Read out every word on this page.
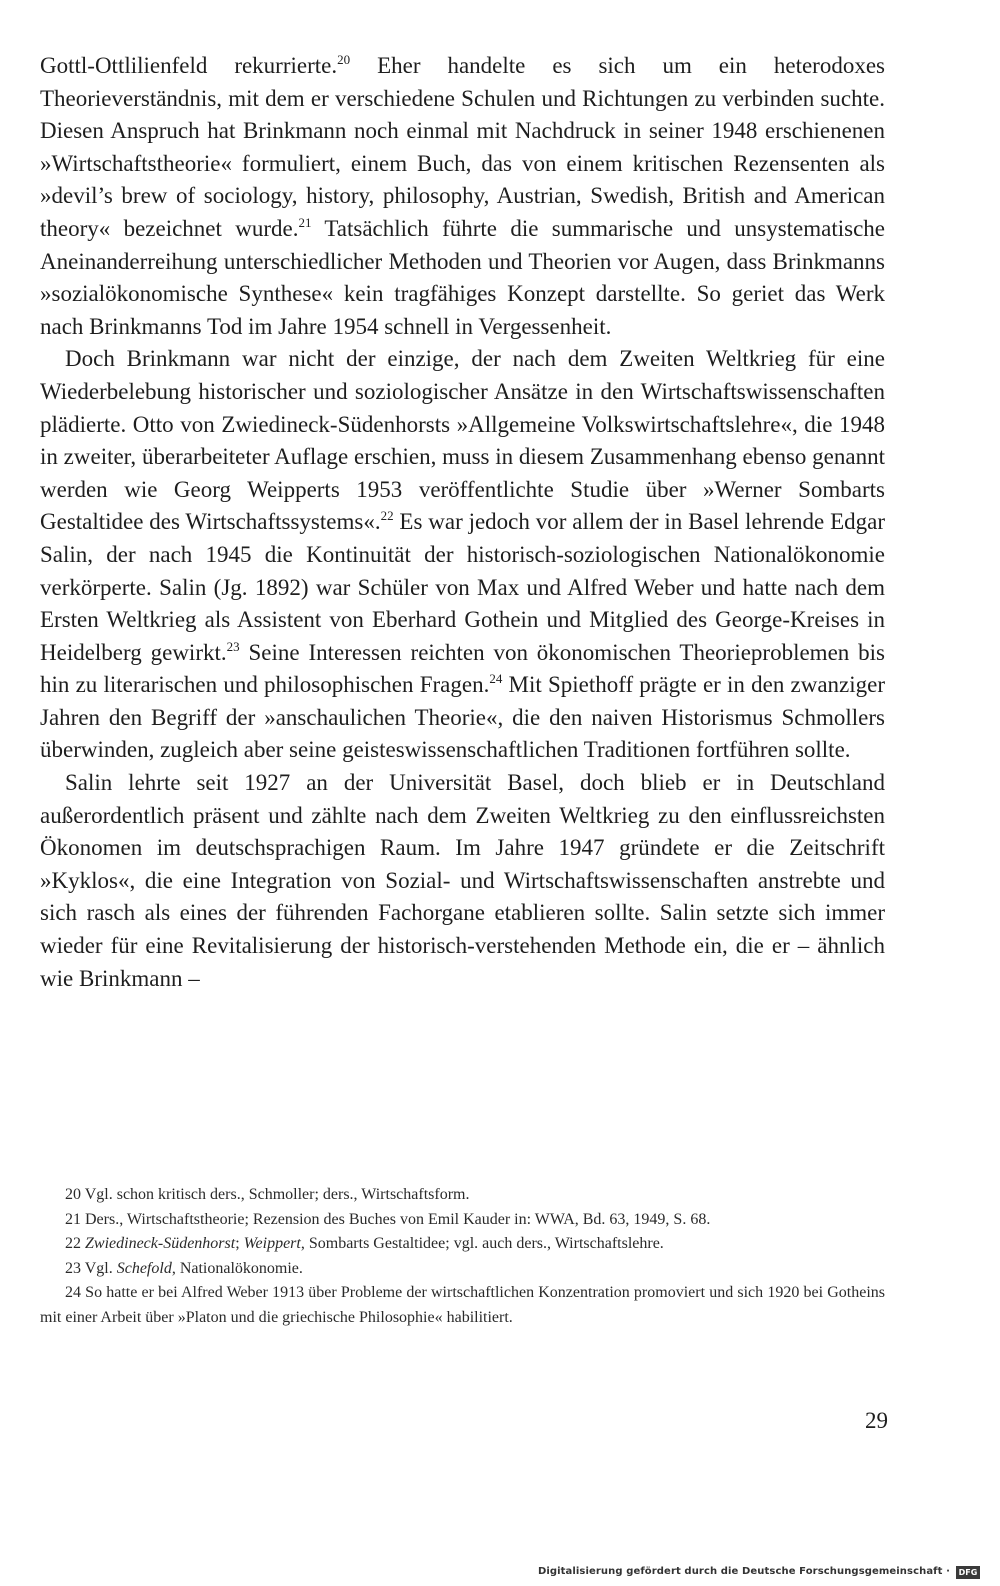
Gottl-Ottlilienfeld rekurrierte.$^{20}$ Eher handelte es sich um ein heterodoxes Theorieverständnis, mit dem er verschiedene Schulen und Richtungen zu verbinden suchte. Diesen Anspruch hat Brinkmann noch einmal mit Nachdruck in seiner 1948 erschienenen »Wirtschaftstheorie« formuliert, einem Buch, das von einem kritischen Rezensenten als »devil’s brew of sociology, history, philosophy, Austrian, Swedish, British and American theory« bezeichnet wurde.$^{21}$ Tatsächlich führte die summarische und unsystematische Aneinanderreihung unterschiedlicher Methoden und Theorien vor Augen, dass Brinkmanns »sozialökonomische Synthese« kein tragfähiges Konzept darstellte. So geriet das Werk nach Brinkmanns Tod im Jahre 1954 schnell in Vergessenheit.

Doch Brinkmann war nicht der einzige, der nach dem Zweiten Weltkrieg für eine Wiederbelebung historischer und soziologischer Ansätze in den Wirtschaftswissenschaften plädierte. Otto von Zwiedineck-Südenhorsts »Allgemeine Volkswirtschaftslehre«, die 1948 in zweiter, überarbeiteter Auflage erschien, muss in diesem Zusammenhang ebenso genannt werden wie Georg Weipperts 1953 veröffentlichte Studie über »Werner Sombarts Gestaltidee des Wirtschaftssystems«.$^{22}$ Es war jedoch vor allem der in Basel lehrende Edgar Salin, der nach 1945 die Kontinuität der historisch-soziologischen Nationalökonomie verkörperte. Salin (Jg. 1892) war Schüler von Max und Alfred Weber und hatte nach dem Ersten Weltkrieg als Assistent von Eberhard Gothein und Mitglied des George-Kreises in Heidelberg gewirkt.$^{23}$ Seine Interessen reichten von ökonomischen Theorieproblemen bis hin zu literarischen und philosophischen Fragen.$^{24}$ Mit Spiethoff prägte er in den zwanziger Jahren den Begriff der »anschaulichen Theorie«, die den naiven Historismus Schmollers überwinden, zugleich aber seine geisteswissenschaftlichen Traditionen fortführen sollte.

Salin lehrte seit 1927 an der Universität Basel, doch blieb er in Deutschland außerordentlich präsent und zählte nach dem Zweiten Weltkrieg zu den einflussreichsten Ökonomen im deutschsprachigen Raum. Im Jahre 1947 gründete er die Zeitschrift »Kyklos«, die eine Integration von Sozial- und Wirtschaftswissenschaften anstrebte und sich rasch als eines der führenden Fachorgane etablieren sollte. Salin setzte sich immer wieder für eine Revitalisierung der historisch-verstehenden Methode ein, die er – ähnlich wie Brinkmann –

20 Vgl. schon kritisch ders., Schmoller; ders., Wirtschaftsform.

21 Ders., Wirtschaftstheorie; Rezension des Buches von Emil Kauder in: WWA, Bd. 63, 1949, S. 68.

22 Zwiedineck-Südenhorst; Weippert, Sombarts Gestaltidee; vgl. auch ders., Wirtschaftslehre.

23 Vgl. Schefold, Nationalökonomie.

24 So hatte er bei Alfred Weber 1913 über Probleme der wirtschaftlichen Konzentration promoviert und sich 1920 bei Gotheins mit einer Arbeit über »Platon und die griechische Philosophie« habilitiert.

29
Digitalisierung gefördert durch die Deutsche Forschungsgemeinschaft ·	DFG
